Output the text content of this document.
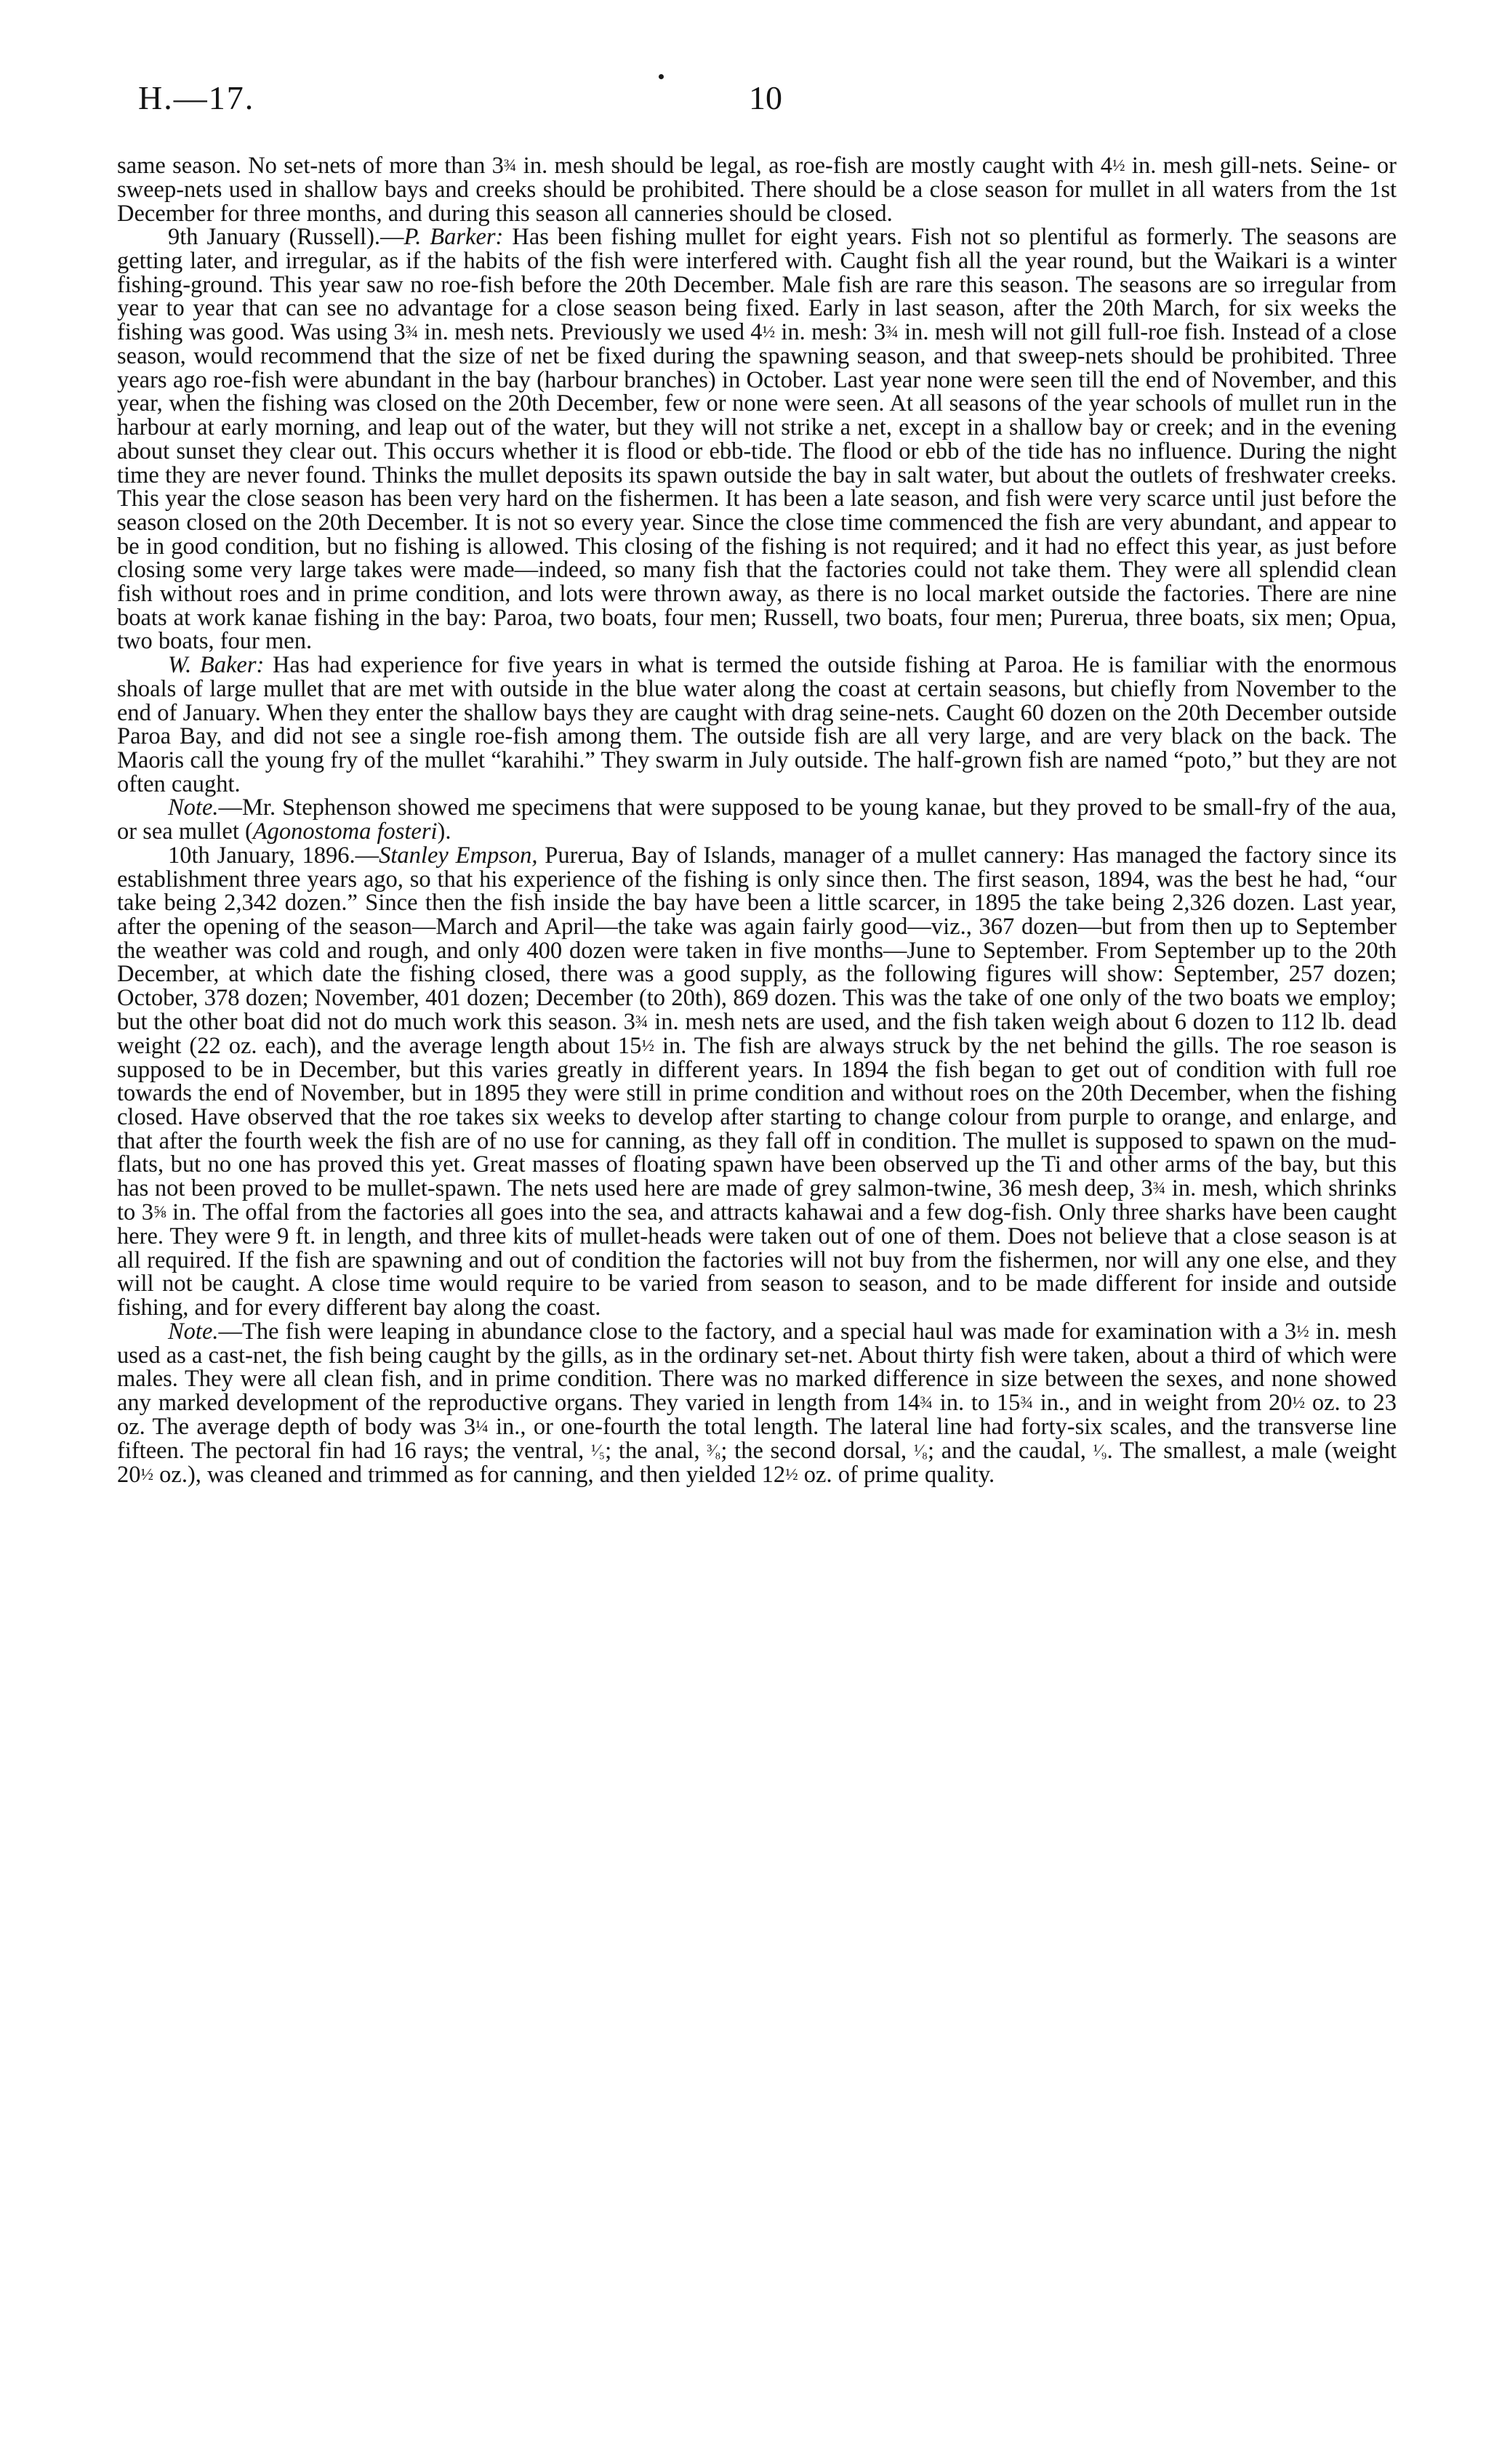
H.—17.	10

same season. No set-nets of more than 3¾ in. mesh should be legal, as roe-fish are mostly caught with 4½ in. mesh gill-nets. Seine- or sweep-nets used in shallow bays and creeks should be prohibited. There should be a close season for mullet in all waters from the 1st December for three months, and during this season all canneries should be closed.

9th January (Russell).—P. Barker: Has been fishing mullet for eight years. Fish not so plentiful as formerly. The seasons are getting later, and irregular, as if the habits of the fish were interfered with. Caught fish all the year round, but the Waikari is a winter fishing-ground. This year saw no roe-fish before the 20th December. Male fish are rare this season. The seasons are so irregular from year to year that can see no advantage for a close season being fixed. Early in last season, after the 20th March, for six weeks the fishing was good. Was using 3¾ in. mesh nets. Previously we used 4½ in. mesh: 3¾ in. mesh will not gill full-roe fish. Instead of a close season, would recommend that the size of net be fixed during the spawning season, and that sweep-nets should be prohibited. Three years ago roe-fish were abundant in the bay (harbour branches) in October. Last year none were seen till the end of November, and this year, when the fishing was closed on the 20th December, few or none were seen. At all seasons of the year schools of mullet run in the harbour at early morning, and leap out of the water, but they will not strike a net, except in a shallow bay or creek; and in the evening about sunset they clear out. This occurs whether it is flood or ebb-tide. The flood or ebb of the tide has no influence. During the night time they are never found. Thinks the mullet deposits its spawn outside the bay in salt water, but about the outlets of freshwater creeks. This year the close season has been very hard on the fishermen. It has been a late season, and fish were very scarce until just before the season closed on the 20th December. It is not so every year. Since the close time commenced the fish are very abundant, and appear to be in good condition, but no fishing is allowed. This closing of the fishing is not required; and it had no effect this year, as just before closing some very large takes were made—indeed, so many fish that the factories could not take them. They were all splendid clean fish without roes and in prime condition, and lots were thrown away, as there is no local market outside the factories. There are nine boats at work kanae fishing in the bay: Paroa, two boats, four men; Russell, two boats, four men; Purerua, three boats, six men; Opua, two boats, four men.

W. Baker: Has had experience for five years in what is termed the outside fishing at Paroa. He is familiar with the enormous shoals of large mullet that are met with outside in the blue water along the coast at certain seasons, but chiefly from November to the end of January. When they enter the shallow bays they are caught with drag seine-nets. Caught 60 dozen on the 20th December outside Paroa Bay, and did not see a single roe-fish among them. The outside fish are all very large, and are very black on the back. The Maoris call the young fry of the mullet “karahihi.” They swarm in July outside. The half-grown fish are named “poto,” but they are not often caught.

Note.—Mr. Stephenson showed me specimens that were supposed to be young kanae, but they proved to be small-fry of the aua, or sea mullet (Agonostoma fosteri).

10th January, 1896.—Stanley Empson, Purerua, Bay of Islands, manager of a mullet cannery: Has managed the factory since its establishment three years ago, so that his experience of the fishing is only since then. The first season, 1894, was the best he had, “our take being 2,342 dozen.” Since then the fish inside the bay have been a little scarcer, in 1895 the take being 2,326 dozen. Last year, after the opening of the season—March and April—the take was again fairly good—viz., 367 dozen—but from then up to September the weather was cold and rough, and only 400 dozen were taken in five months—June to September. From September up to the 20th December, at which date the fishing closed, there was a good supply, as the following figures will show: September, 257 dozen; October, 378 dozen; November, 401 dozen; December (to 20th), 869 dozen. This was the take of one only of the two boats we employ; but the other boat did not do much work this season. 3¾ in. mesh nets are used, and the fish taken weigh about 6 dozen to 112 lb. dead weight (22 oz. each), and the average length about 15½ in. The fish are always struck by the net behind the gills. The roe season is supposed to be in December, but this varies greatly in different years. In 1894 the fish began to get out of condition with full roe towards the end of November, but in 1895 they were still in prime condition and without roes on the 20th December, when the fishing closed. Have observed that the roe takes six weeks to develop after starting to change colour from purple to orange, and enlarge, and that after the fourth week the fish are of no use for canning, as they fall off in condition. The mullet is supposed to spawn on the mud-flats, but no one has proved this yet. Great masses of floating spawn have been observed up the Ti and other arms of the bay, but this has not been proved to be mullet-spawn. The nets used here are made of grey salmon-twine, 36 mesh deep, 3¾ in. mesh, which shrinks to 3⅝ in. The offal from the factories all goes into the sea, and attracts kahawai and a few dog-fish. Only three sharks have been caught here. They were 9 ft. in length, and three kits of mullet-heads were taken out of one of them. Does not believe that a close season is at all required. If the fish are spawning and out of condition the factories will not buy from the fishermen, nor will any one else, and they will not be caught. A close time would require to be varied from season to season, and to be made different for inside and outside fishing, and for every different bay along the coast.

Note.—The fish were leaping in abundance close to the factory, and a special haul was made for examination with a 3½ in. mesh used as a cast-net, the fish being caught by the gills, as in the ordinary set-net. About thirty fish were taken, about a third of which were males. They were all clean fish, and in prime condition. There was no marked difference in size between the sexes, and none showed any marked development of the reproductive organs. They varied in length from 14¾ in. to 15¾ in., and in weight from 20½ oz. to 23 oz. The average depth of body was 3¼ in., or one-fourth the total length. The lateral line had forty-six scales, and the transverse line fifteen. The pectoral fin had 16 rays; the ventral, ¹⁄₅; the anal, ³⁄₈; the second dorsal, ¹⁄₈; and the caudal, ¹⁄₉. The smallest, a male (weight 20½ oz.), was cleaned and trimmed as for canning, and then yielded 12½ oz. of prime quality.
